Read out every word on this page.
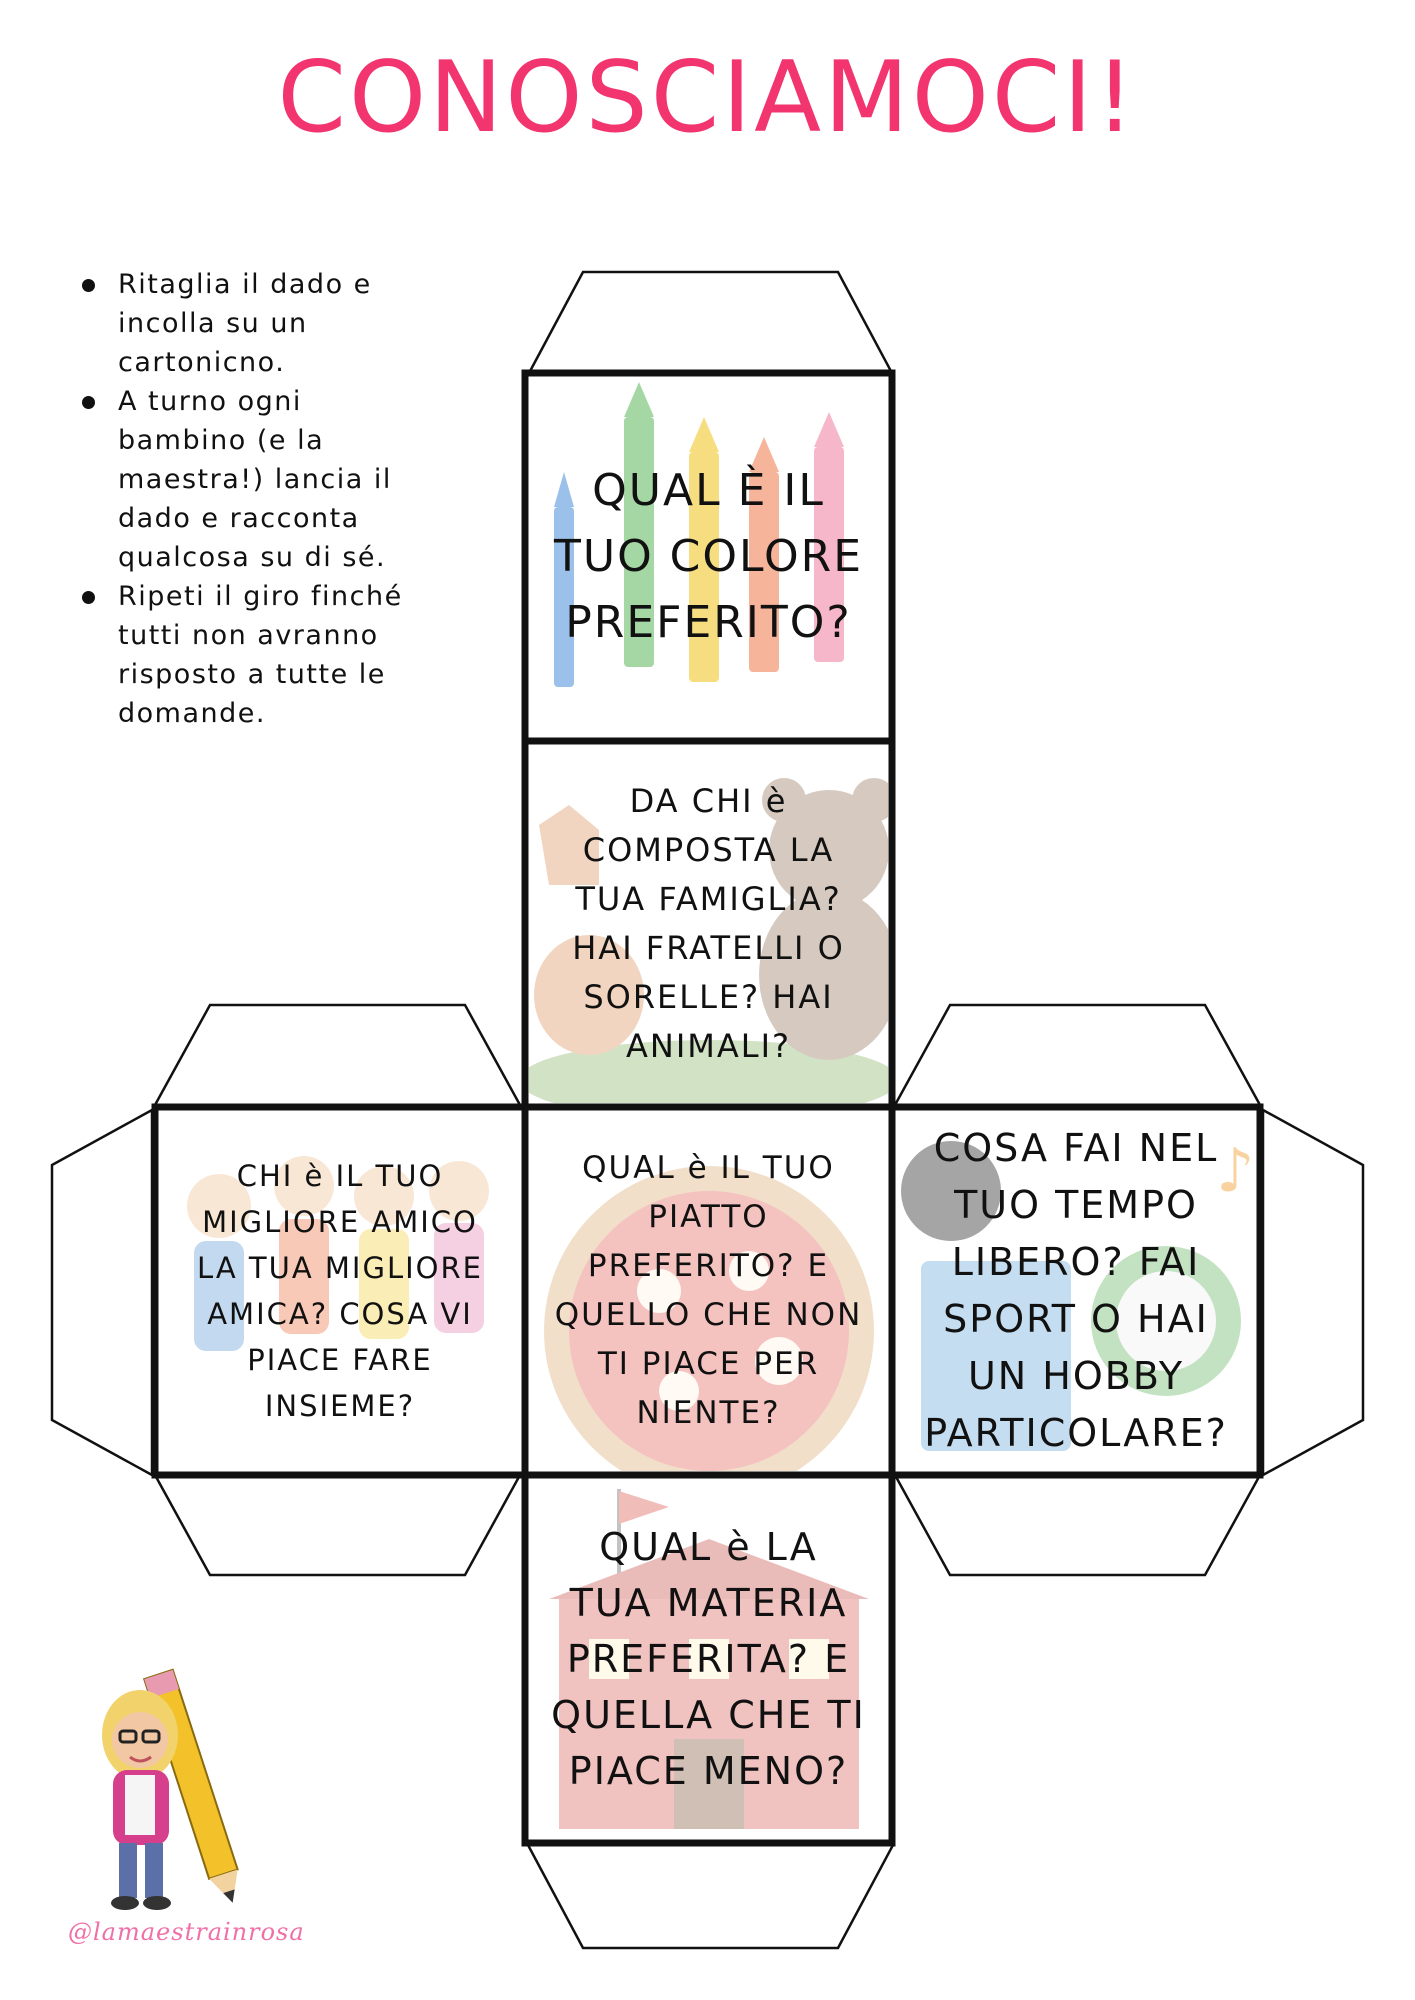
CONOSCIAMOCI!
Ritaglia il dado e incolla su un cartonicno.
A turno ogni bambino (e la maestra!) lancia il dado e racconta qualcosa su di sé.
Ripeti il giro finché tutti non avranno risposto a tutte le domande.
QUAL È IL
TUO COLORE
PREFERITO?
DA CHI è
COMPOSTA LA
TUA FAMIGLIA?
HAI FRATELLI O
SORELLE? HAI
ANIMALI?
CHI è IL TUO
MIGLIORE AMICO
LA TUA MIGLIORE
AMICA? COSA VI
PIACE FARE
INSIEME?
QUAL è IL TUO
PIATTO
PREFERITO? E
QUELLO CHE NON
TI PIACE PER
NIENTE?
♪
COSA FAI NEL
TUO TEMPO
LIBERO? FAI
SPORT O HAI
UN HOBBY
PARTICOLARE?
QUAL è LA
TUA MATERIA
PREFERITA? E
QUELLA CHE TI
PIACE MENO?
@lamaestrainrosa
